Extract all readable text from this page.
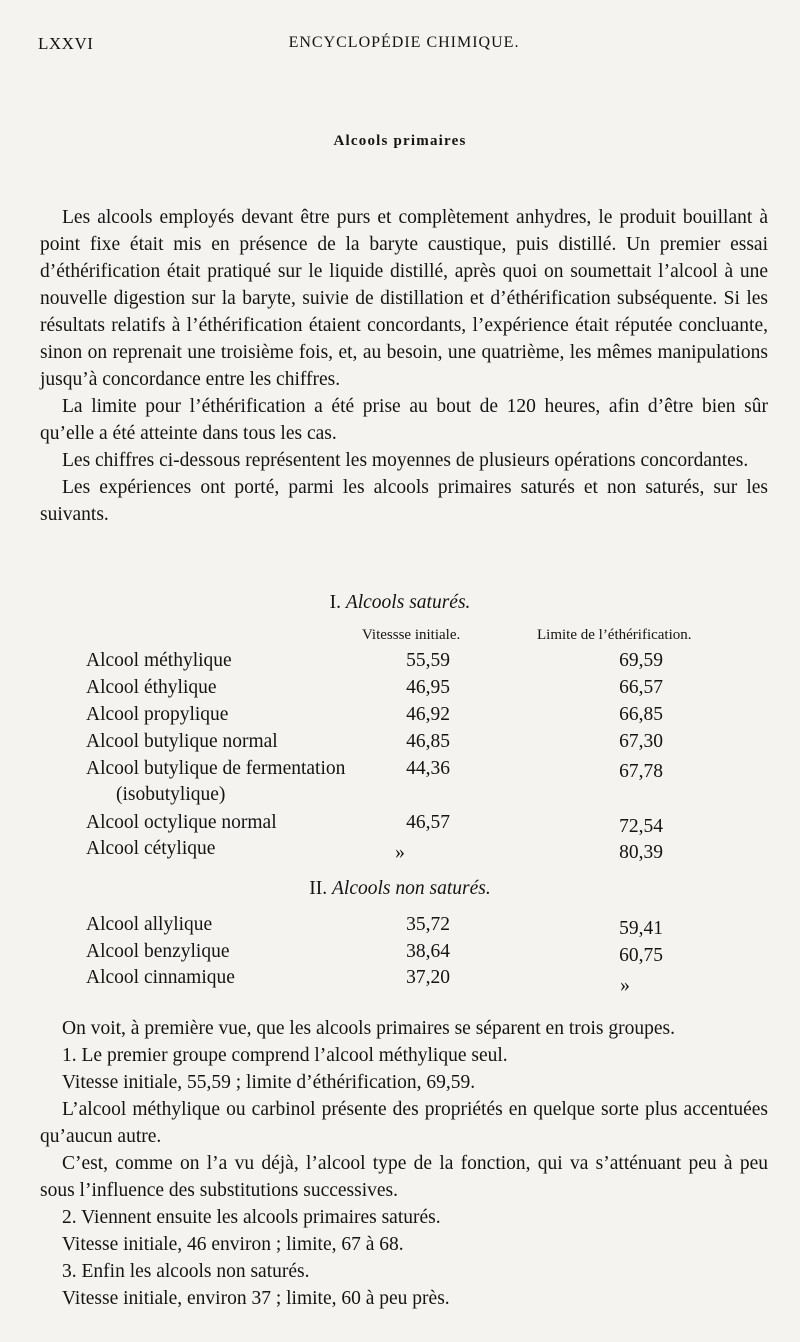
LXXVI	ENCYCLOPÉDIE CHIMIQUE.
Alcools primaires

Les alcools employés devant être purs et complètement anhydres, le produit bouillant à point fixe était mis en présence de la baryte caustique, puis distillé. Un premier essai d’éthérification était pratiqué sur le liquide distillé, après quoi on soumettait l’alcool à une nouvelle digestion sur la baryte, suivie de distillation et d’éthérification subséquente. Si les résultats relatifs à l’éthérification étaient concordants, l’expérience était réputée concluante, sinon on reprenait une troisième fois, et, au besoin, une quatrième, les mêmes manipulations jusqu’à concordance entre les chiffres.

La limite pour l’éthérification a été prise au bout de 120 heures, afin d’être bien sûr qu’elle a été atteinte dans tous les cas.

Les chiffres ci-dessous représentent les moyennes de plusieurs opérations concordantes.

Les expériences ont porté, parmi les alcools primaires saturés et non saturés, sur les suivants.

I. Alcools saturés.
Vitessse initiale.	Limite de l’éthérification.
Alcool méthylique	55,59	69,59
Alcool éthylique	46,95	66,57
Alcool propylique	46,92	66,85
Alcool butylique normal	46,85	67,30
Alcool butylique de fermentation	44,36	67,78
(isobutylique)
Alcool octylique normal	46,57	72,54
Alcool cétylique	»	80,39
II. Alcools non saturés.
Alcool allylique	35,72	59,41
Alcool benzylique	38,64	60,75
Alcool cinnamique	37,20	»

On voit, à première vue, que les alcools primaires se séparent en trois groupes.

1. Le premier groupe comprend l’alcool méthylique seul.

Vitesse initiale, 55,59 ; limite d’éthérification, 69,59.

L’alcool méthylique ou carbinol présente des propriétés en quelque sorte plus accentuées qu’aucun autre.

C’est, comme on l’a vu déjà, l’alcool type de la fonction, qui va s’atténuant peu à peu sous l’influence des substitutions successives.

2. Viennent ensuite les alcools primaires saturés.

Vitesse initiale, 46 environ ; limite, 67 à 68.

3. Enfin les alcools non saturés.

Vitesse initiale, environ 37 ; limite, 60 à peu près.
